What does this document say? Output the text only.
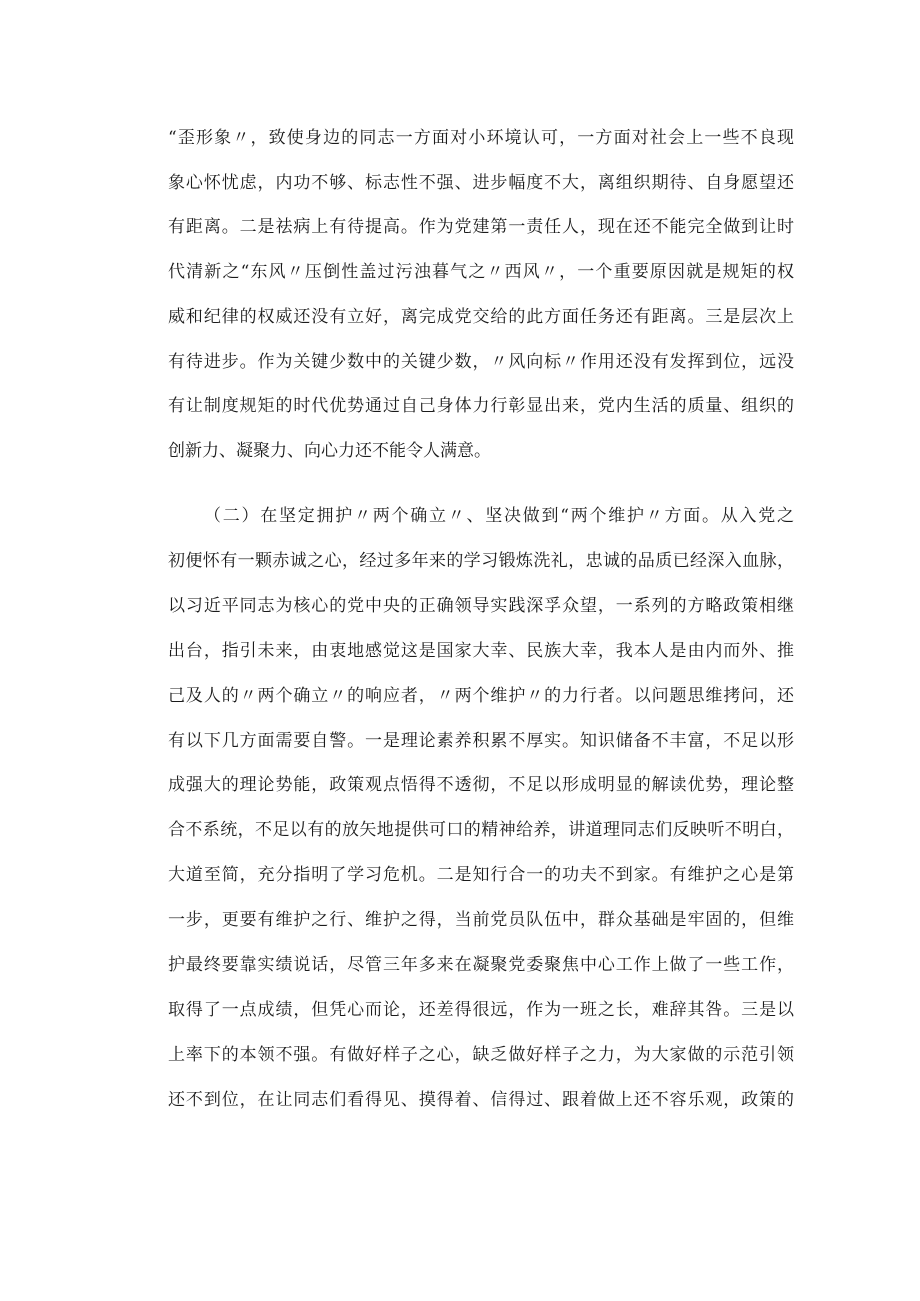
“歪形象〃，致使身边的同志一方面对小环境认可，一方面对社会上一些不良现
象心怀忧虑，内功不够、标志性不强、进步幅度不大，离组织期待、自身愿望还
有距离。二是祛病上有待提高。作为党建第一责任人，现在还不能完全做到让时
代清新之“东风〃压倒性盖过污浊暮气之〃西风〃，一个重要原因就是规矩的权
威和纪律的权威还没有立好，离完成党交给的此方面任务还有距离。三是层次上
有待进步。作为关键少数中的关键少数，〃风向标〃作用还没有发挥到位，远没
有让制度规矩的时代优势通过自己身体力行彰显出来，党内生活的质量、组织的
创新力、凝聚力、向心力还不能令人满意。
（二）在坚定拥护〃两个确立〃、坚决做到“两个维护〃方面。从入党之
初便怀有一颗赤诚之心，经过多年来的学习锻炼洗礼，忠诚的品质已经深入血脉，
以习近平同志为核心的党中央的正确领导实践深孚众望，一系列的方略政策相继
出台，指引未来，由衷地感觉这是国家大幸、民族大幸，我本人是由内而外、推
己及人的〃两个确立〃的响应者，〃两个维护〃的力行者。以问题思维拷问，还
有以下几方面需要自警。一是理论素养积累不厚实。知识储备不丰富，不足以形
成强大的理论势能，政策观点悟得不透彻，不足以形成明显的解读优势，理论整
合不系统，不足以有的放矢地提供可口的精神给养，讲道理同志们反映听不明白，
大道至简，充分指明了学习危机。二是知行合一的功夫不到家。有维护之心是第
一步，更要有维护之行、维护之得，当前党员队伍中，群众基础是牢固的，但维
护最终要靠实绩说话，尽管三年多来在凝聚党委聚焦中心工作上做了一些工作，
取得了一点成绩，但凭心而论，还差得很远，作为一班之长，难辞其咎。三是以
上率下的本领不强。有做好样子之心，缺乏做好样子之力，为大家做的示范引领
还不到位，在让同志们看得见、摸得着、信得过、跟着做上还不容乐观，政策的
